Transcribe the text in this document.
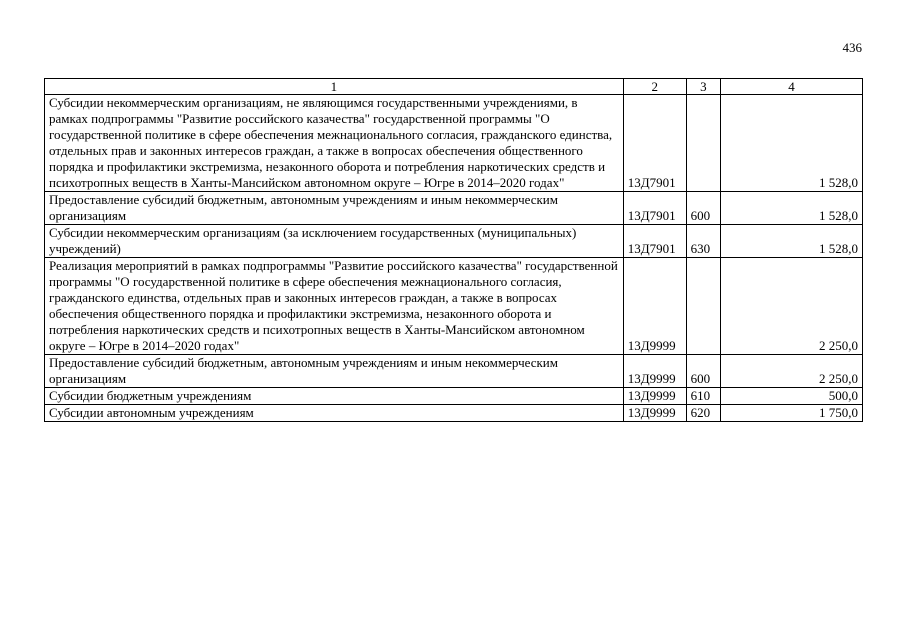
436
1	2	3	4
Субсидии некоммерческим организациям, не являющимся государственными учреждениями, в рамках подпрограммы "Развитие российского казачества" государственной программы "О государственной политике в сфере обеспечения межнационального согласия, гражданского единства, отдельных прав и законных интересов граждан, а также в вопросах обеспечения общественного порядка и профилактики экстремизма, незаконного оборота и потребления наркотических средств и психотропных веществ в Ханты-Мансийском автономном округе – Югре в 2014–2020 годах"	13Д7901		1 528,0
Предоставление субсидий бюджетным, автономным учреждениям и иным некоммерческим организациям	13Д7901	600	1 528,0
Субсидии некоммерческим организациям (за исключением государственных (муниципальных) учреждений)	13Д7901	630	1 528,0
Реализация мероприятий в рамках подпрограммы "Развитие российского казачества" государственной программы "О государственной политике в сфере обеспечения межнационального согласия, гражданского единства, отдельных прав и законных интересов граждан, а также в вопросах обеспечения общественного порядка и профилактики экстремизма, незаконного оборота и потребления наркотических средств и психотропных веществ в Ханты-Мансийском автономном округе – Югре в 2014–2020 годах"	13Д9999		2 250,0
Предоставление субсидий бюджетным, автономным учреждениям и иным некоммерческим организациям	13Д9999	600	2 250,0
Субсидии бюджетным учреждениям	13Д9999	610	500,0
Субсидии автономным учреждениям	13Д9999	620	1 750,0
